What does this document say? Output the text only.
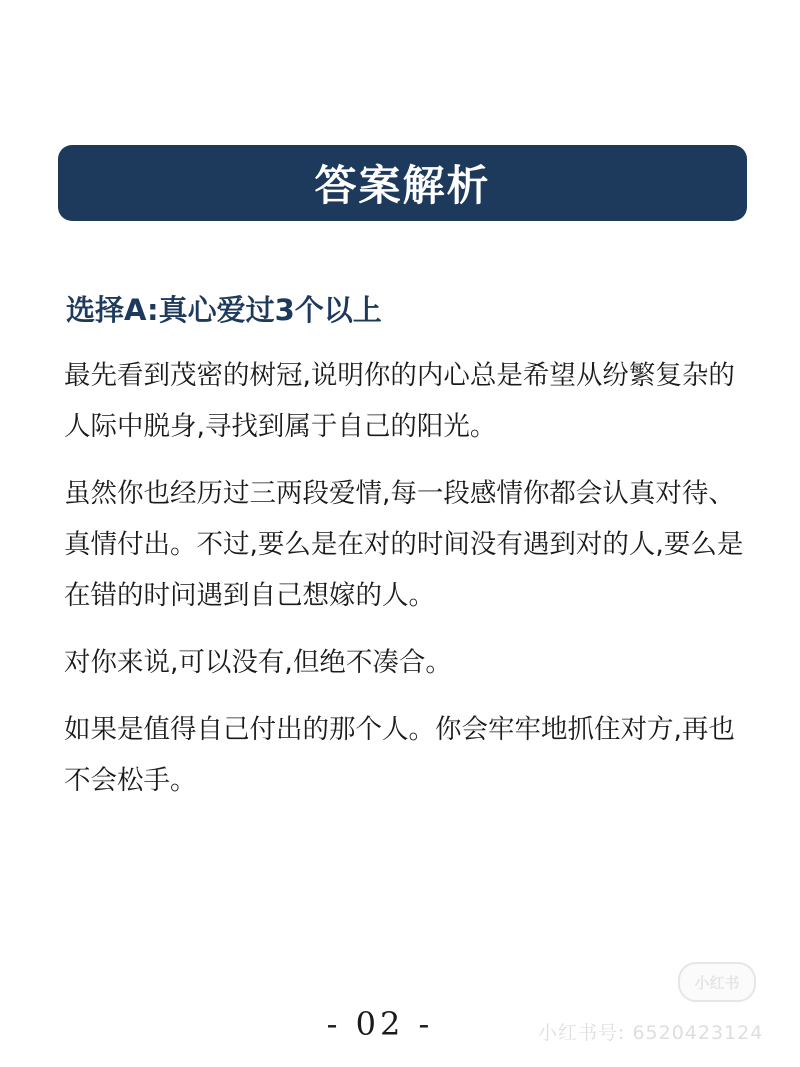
答案解析
选择A:真心爱过3个以上

最先看到茂密的树冠,说明你的内心总是希望从纷繁复杂的人际中脱身,寻找到属于自己的阳光。

虽然你也经历过三两段爱情,每一段感情你都会认真对待、真情付出。不过,要么是在对的时间没有遇到对的人,要么是在错的时问遇到自己想嫁的人。

对你来说,可以没有,但绝不凑合。

如果是值得自己付出的那个人。你会牢牢地抓住对方,再也不会松手。

- 02 -
小红书
小红书号: 6520423124
